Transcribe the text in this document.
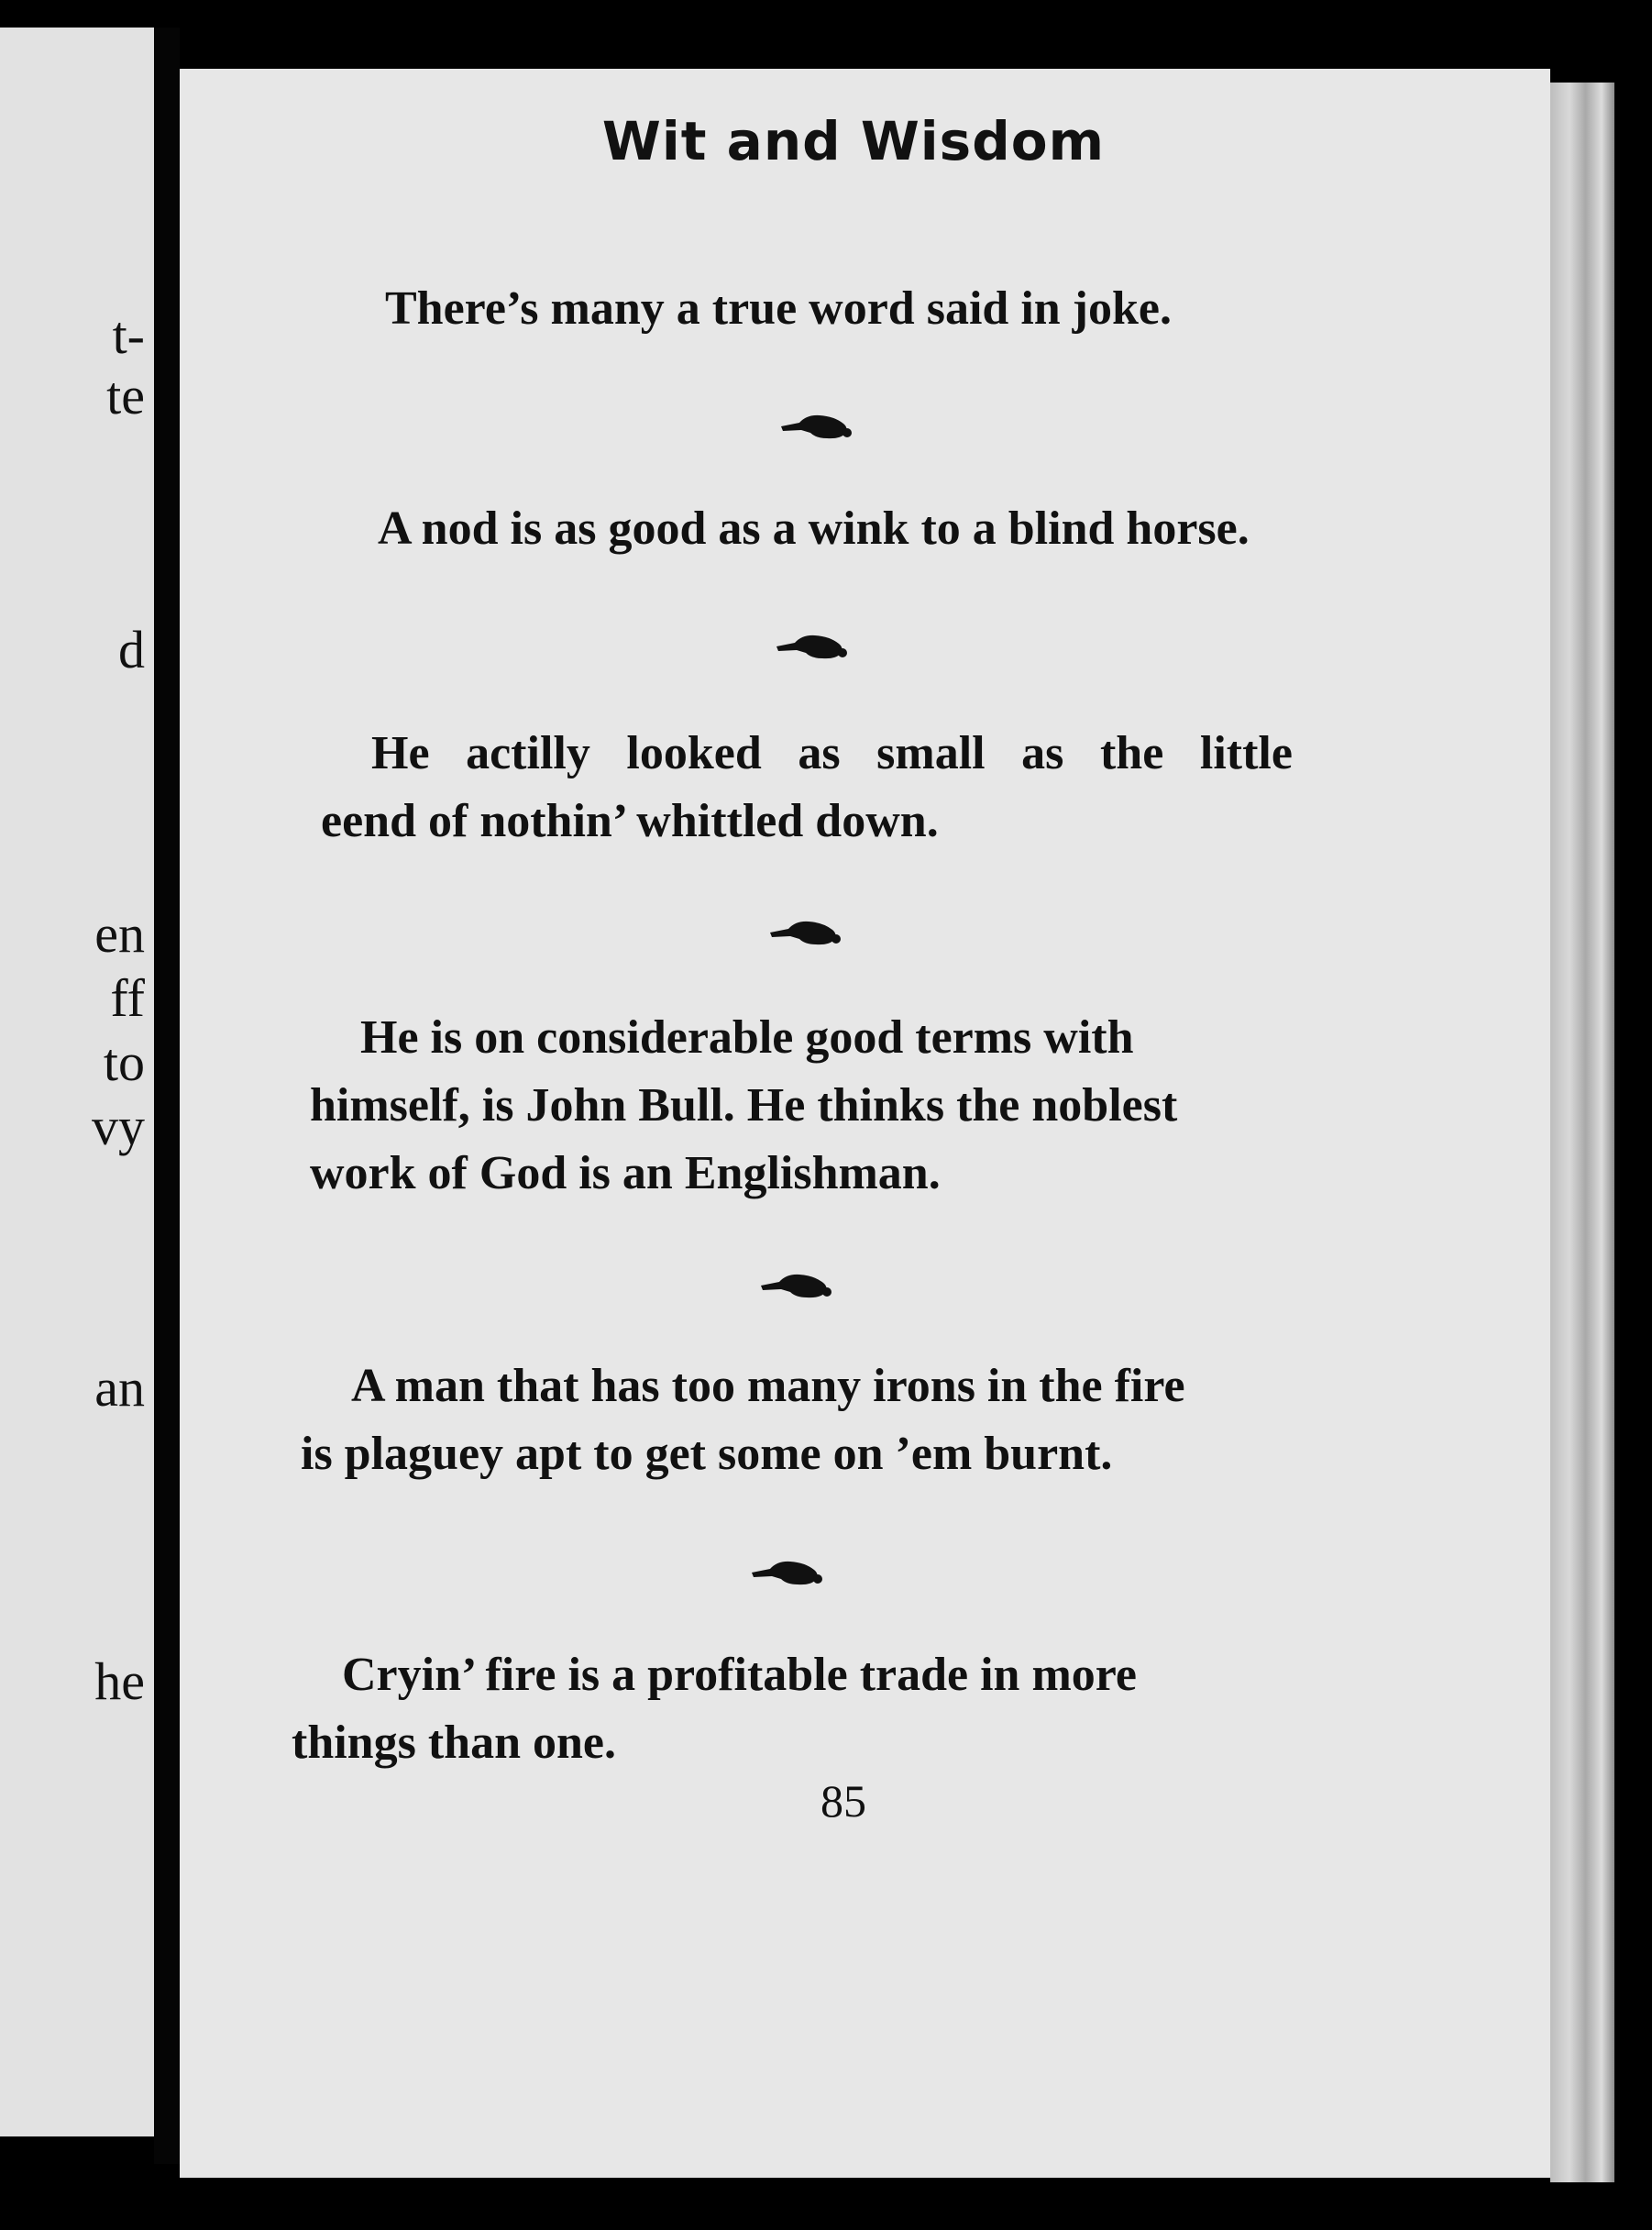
t-
te
d
en
ff
to
vy
an
he
Wit and Wisdom
There’s many a true word said in joke.
A nod is as good as a wink to a blind horse.
He actilly looked as small as the little
eend of nothin’ whittled down.
He is on considerable good terms with
himself, is John Bull. He thinks the noblest
work of God is an Englishman.
A man that has too many irons in the fire
is plaguey apt to get some on ’em burnt.
Cryin’ fire is a profitable trade in more
things than one.
85
